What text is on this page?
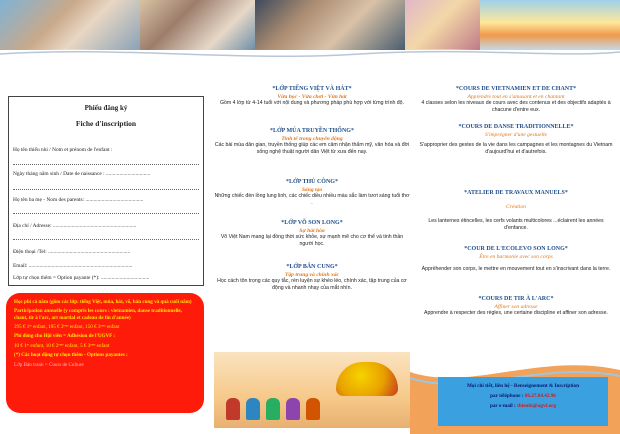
Phiếu đăng ký
Fiche d'inscription
Họ tên thiếu nhi / Nom et prénom de l'enfant :
Ngày tháng năm sinh / Date de naissance : .................................
Họ tên ba mẹ - Nom des parents: ...........................................
Địa chỉ / Adresse: ..............................................................
Điện thoại /Tel: .............................................................
Email: .............................................................................
Lớp tự chọn thêm = Option payante (*): ....................................

Học phí cả năm (gồm các lớp: tiếng Việt, múa, hát, võ, bản cung và quà cuối năm)

Participation annuelle (y compris les cours : vietnamien, danse traditionnelle, chant, tir à l'arc, art martial et cadeau de fin d'année)

295 € 1ᵉʳ enfant, 185 € 2ᵉᵐᵉ enfant, 150 € 3ᵉᵐᵉ enfant

Phí đóng cho Hội viên = Adhésion de l'UGVF :

10 € 1ᵉʳ enfant, 10 € 2ᵉᵐᵉ enfant, 5 € 3ᵉᵐᵉ enfant

(*) Các hoạt động tự chọn thêm - Options payantes :

Lớp Bản tranh = Cours de Culture

*LỚP TIẾNG VIỆT VÀ HÁT*
Vừa học - Vừa chơi - Vừa hát
Gồm 4 lớp từ 4-14 tuổi với nội dung và phương pháp phù hợp với từng trình độ.
*LỚP MÚA TRUYỀN THỐNG*
Tinh tế trong chuyển động
Các bài múa dân gian, truyền thống giúp các em cảm nhận thẩm mỹ, văn hóa và đời sống nghệ thuật người dân Việt từ xưa đến nay.
*LỚP THỦ CÔNG*
Sáng tạo
Những chiếc đèn lồng lung linh, các chiếc diều nhiều màu sắc làm tươi sáng tuổi thơ .
*LỚP VÕ SON LONG*
Sự hài hòa
Võ Việt Nam mang lại đồng thời sức khỏe, sự mạnh mẽ cho cơ thể và tinh thần người học.
*LỚP BẮN CUNG*
Tập trung và chính xác
Học cách tôn trọng các quy tắc, rèn luyện sự khéo léo, chính xác, tập trung của cơ động và nhanh nhạy của mắt nhìn.
*COURS DE VIETNAMIEN ET DE CHANT*
Apprendre tout en s'amusant et en chantant
4 classes selon les niveaux de cours avec des contenus et des objectifs adaptés à chacune d'entre eux.
*COURS DE DANSE TRADITIONNELLE*
S'imprégner d'une gestuelle
S'approprier des gestes de la vie dans les campagnes et les montagnes du Vietnam d'aujourd'hui et d'autrefois.
*ATELIER DE TRAVAUX MANUELS*
Création
Les lanternes étincelles, les cerfs volants multicolores ...éclairent les années d'enfance.
*COUR DE L'ECOLEVO SON LONG*
Être en harmonie avec son corps
Appréhender son corps, le mettre en mouvement tout en s'inscrivant dans la terre.
*COURS DE TIR À L'ARC*
Affiner son adresse
Apprendre à respecter des règles, une certaine discipline et affiner son adresse.
Mọi chi tiết, liên hệ - Renseignement & Inscription
par téléphone : 06.27.84.42.96
par e-mail : thienhi@ugvf.org
